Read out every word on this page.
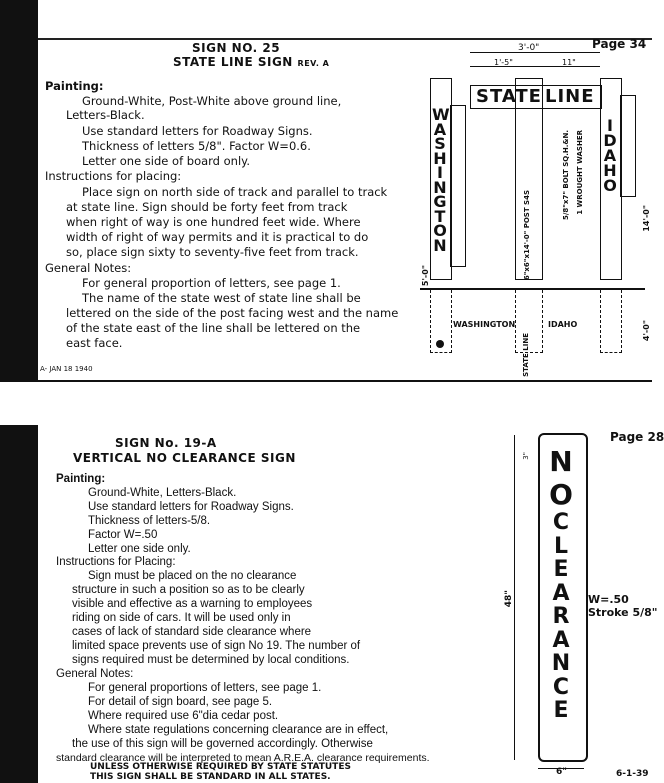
Page 34
SIGN NO. 25
STATE LINE SIGN REV. A
Painting:
Ground-White, Post-White above ground line,
Letters-Black.
Use standard letters for Roadway Signs.
Thickness of letters 5/8". Factor W=0.6.
Letter one side of board only.
Instructions for placing:
Place sign on north side of track and parallel to track
at state line. Sign should be forty feet from track
when right of way is one hundred feet wide. Where
width of right of way permits and it is practical to do
so, place sign sixty to seventy-five feet from track.
General Notes:
For general proportion of letters, see page 1.
The name of the state west of state line shall be
lettered on the side of the post facing west and the name
of the state east of the line shall be lettered on the
east face.
A- JAN 18 1940
3'-0"
1'-5"	11"
STATE LINE
WASHINGTON	6"x6"x14'-0" POST S4S
5/8"x7" BOLT SQ.H.&N. 1 WROUGHT WASHER
IDAHO
14'-0"
4'-0"
5'-0"
WASHINGTON	IDAHO
STATE LINE
Page 28
SIGN No. 19-A
VERTICAL NO CLEARANCE SIGN
Painting:
Ground-White, Letters-Black.
Use standard letters for Roadway Signs.
Thickness of letters-5/8.
Factor W=.50
Letter one side only.
Instructions for Placing:
Sign must be placed on the no clearance
structure in such a position so as to be clearly
visible and effective as a warning to employees
riding on side of cars. It will be used only in
cases of lack of standard side clearance where
limited space prevents use of sign No 19. The number of
signs required must be determined by local conditions.
General Notes:
For general proportions of letters, see page 1.
For detail of sign board, see page 5.
Where required use 6"dia cedar post.
Where state regulations concerning clearance are in effect,
the use of this sign will be governed accordingly. Otherwise
standard clearance will be interpreted to mean A.R.E.A. clearance requirements.
UNLESS OTHERWISE REQUIRED BY STATE STATUTES
THIS SIGN SHALL BE STANDARD IN ALL STATES.
48"
3" N
O
C
L
E
A
R
A
N
C
E
6"
W=.50
Stroke 5/8"
6-1-39
